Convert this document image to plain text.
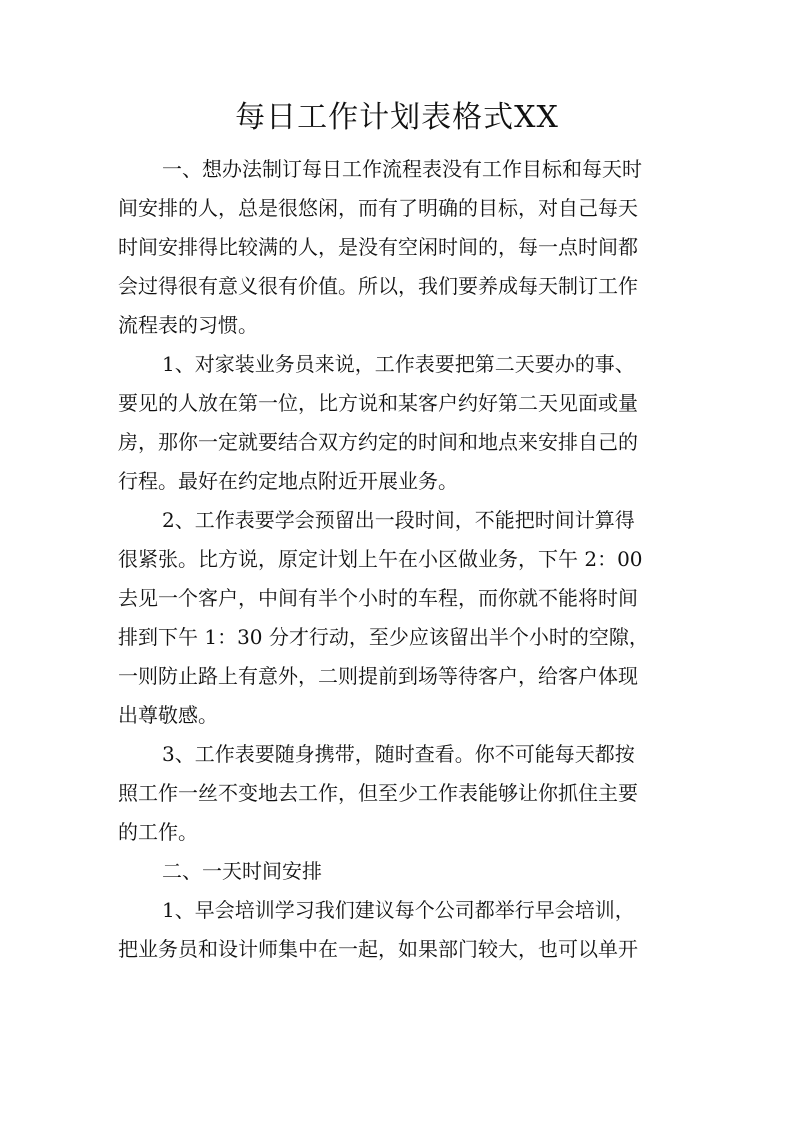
每日工作计划表格式XX
一、想办法制订每日工作流程表没有工作目标和每天时
间安排的人，总是很悠闲，而有了明确的目标，对自己每天
时间安排得比较满的人，是没有空闲时间的，每一点时间都
会过得很有意义很有价值。所以，我们要养成每天制订工作
流程表的习惯。
1、对家装业务员来说，工作表要把第二天要办的事、
要见的人放在第一位，比方说和某客户约好第二天见面或量
房，那你一定就要结合双方约定的时间和地点来安排自己的
行程。最好在约定地点附近开展业务。
2、工作表要学会预留出一段时间，不能把时间计算得
很紧张。比方说，原定计划上午在小区做业务，下午 2：00
去见一个客户，中间有半个小时的车程，而你就不能将时间
排到下午 1：30 分才行动，至少应该留出半个小时的空隙，
一则防止路上有意外，二则提前到场等待客户，给客户体现
出尊敬感。
3、工作表要随身携带，随时查看。你不可能每天都按
照工作一丝不变地去工作，但至少工作表能够让你抓住主要
的工作。
二、一天时间安排
1、早会培训学习我们建议每个公司都举行早会培训，
把业务员和设计师集中在一起，如果部门较大，也可以单开
